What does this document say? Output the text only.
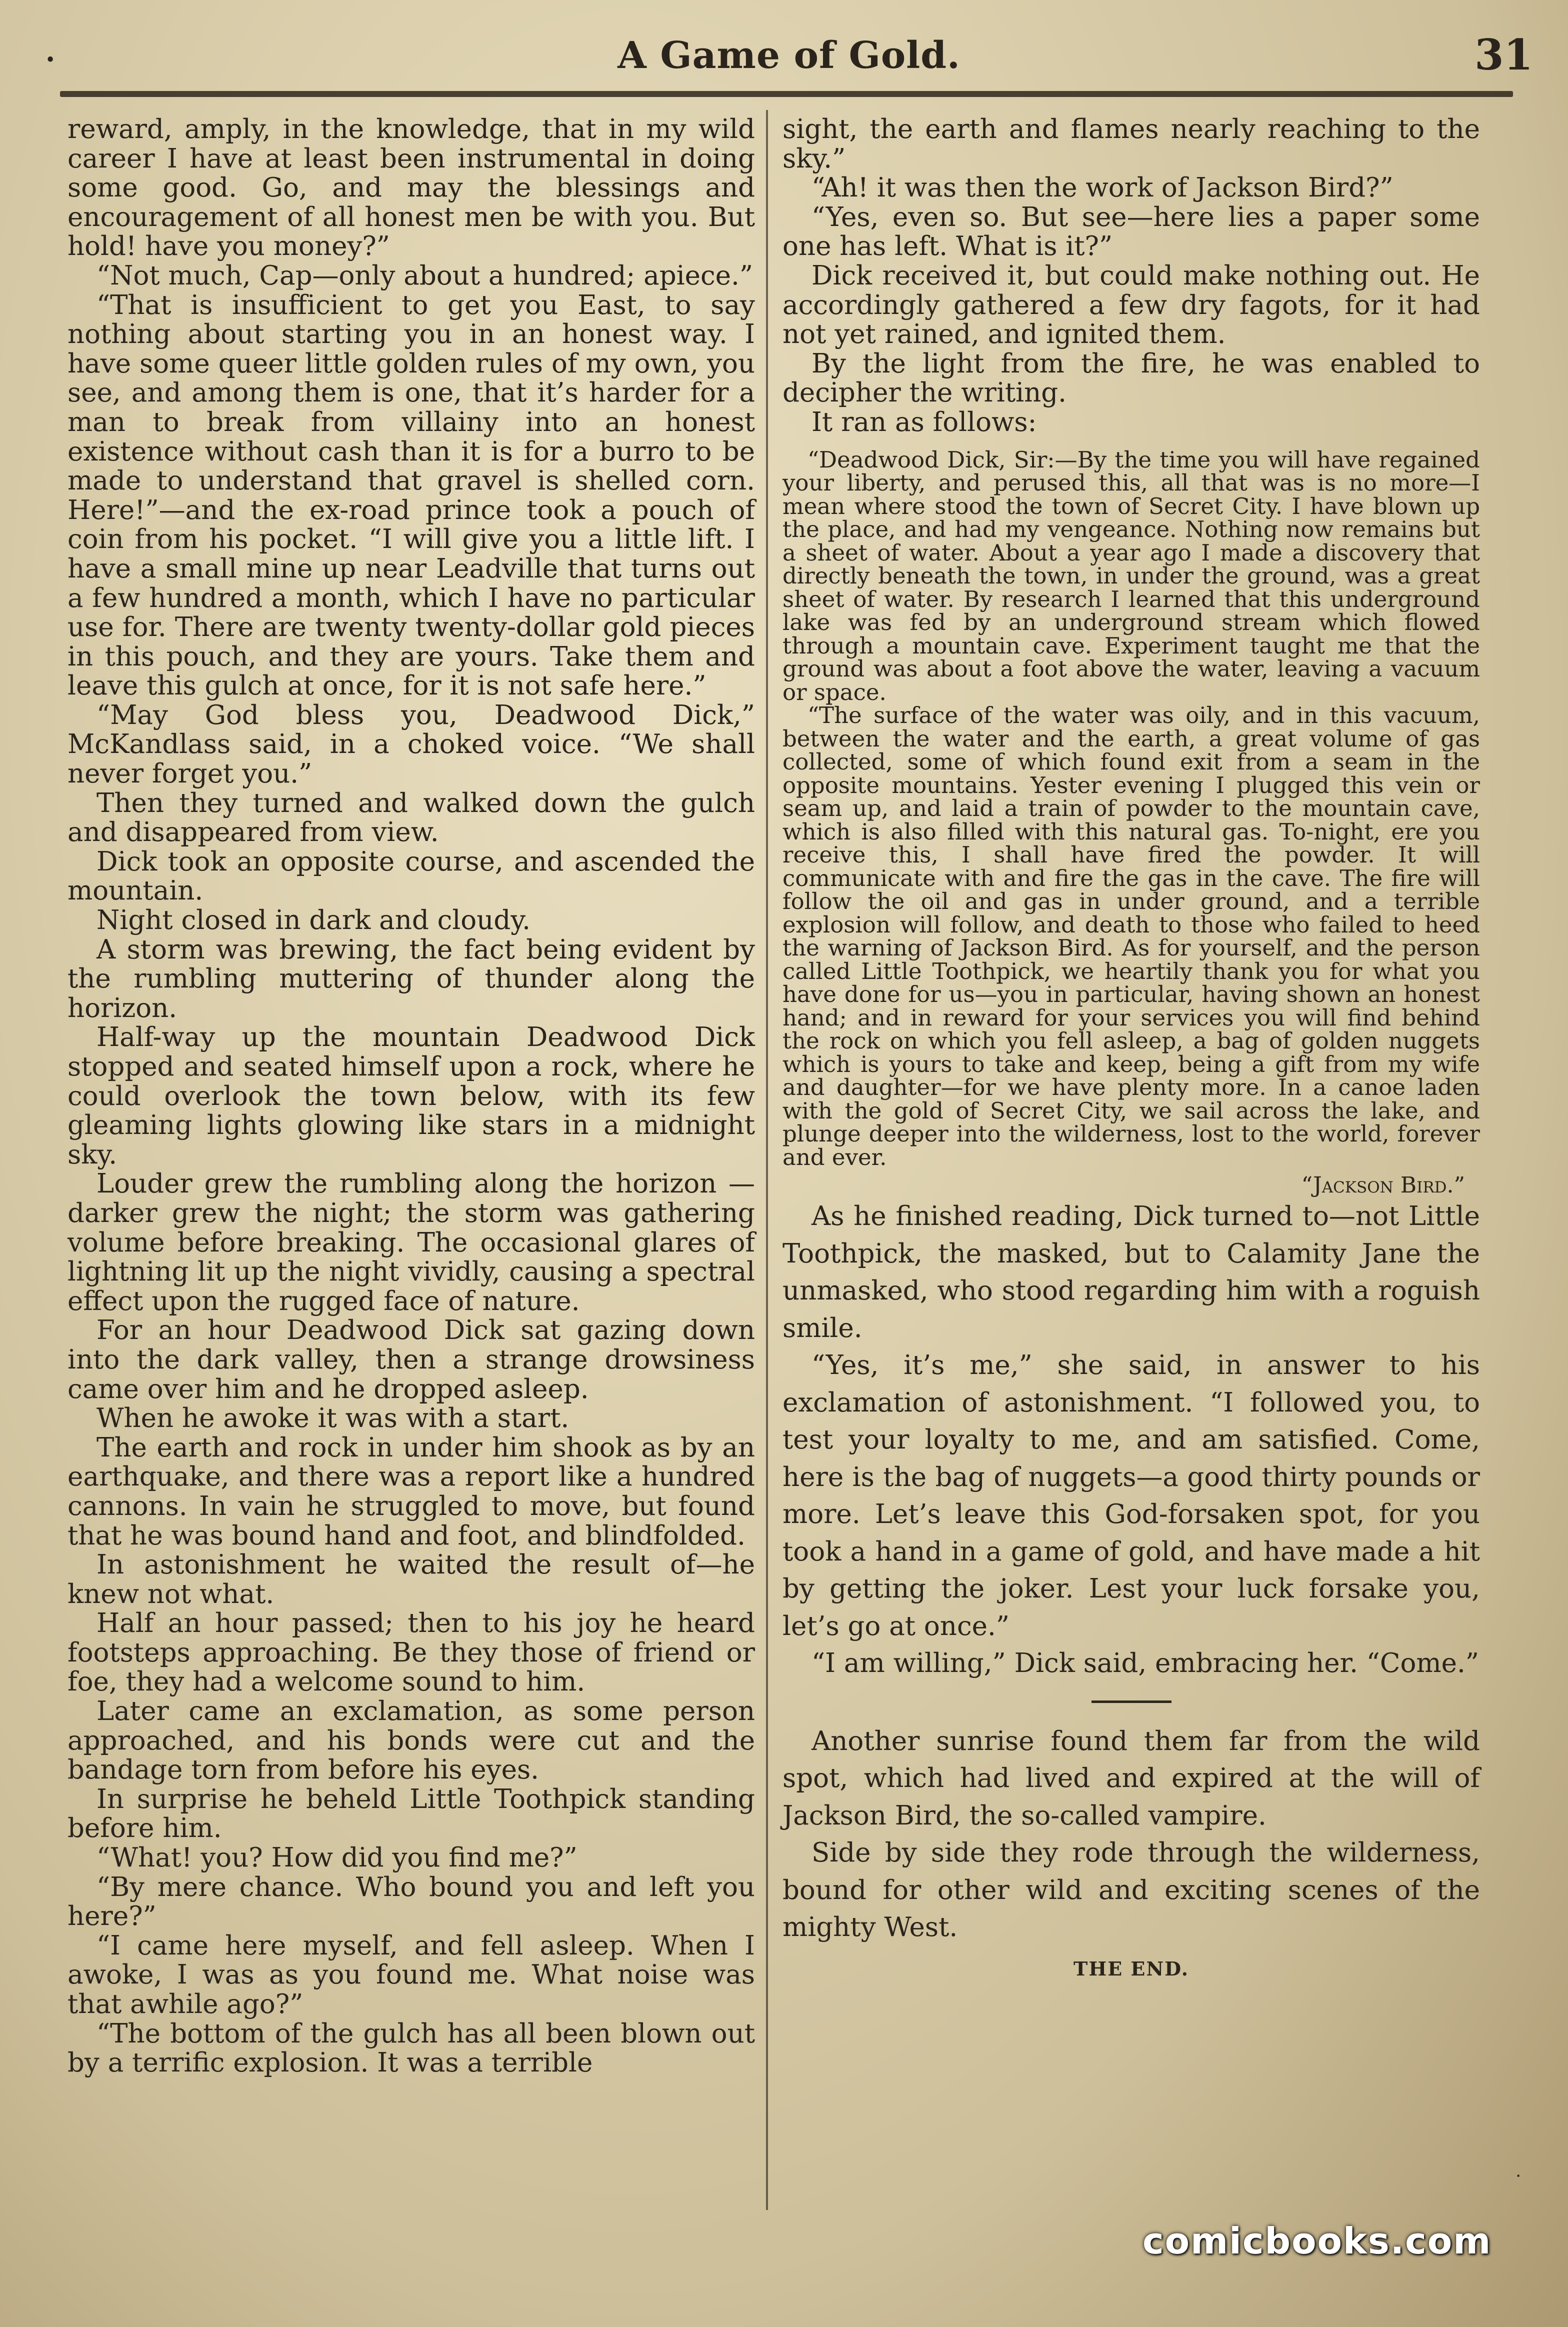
•	A Game of Gold.	31

reward, amply, in the knowledge, that in my wild career I have at least been instrumental in doing some good. Go, and may the blessings and encouragement of all honest men be with you. But hold! have you money?”

“Not much, Cap—only about a hundred; apiece.”

“That is insufficient to get you East, to say nothing about starting you in an honest way. I have some queer little golden rules of my own, you see, and among them is one, that it’s harder for a man to break from villainy into an honest existence without cash than it is for a burro to be made to understand that gravel is shelled corn. Here!”—and the ex-road prince took a pouch of coin from his pocket. “I will give you a little lift. I have a small mine up near Leadville that turns out a few hundred a month, which I have no particular use for. There are twenty twenty-dollar gold pieces in this pouch, and they are yours. Take them and leave this gulch at once, for it is not safe here.”

“May God bless you, Deadwood Dick,” McKandlass said, in a choked voice. “We shall never forget you.”

Then they turned and walked down the gulch and disappeared from view.

Dick took an opposite course, and ascended the mountain.

Night closed in dark and cloudy.

A storm was brewing, the fact being evident by the rumbling muttering of thunder along the horizon.

Half-way up the mountain Deadwood Dick stopped and seated himself upon a rock, where he could overlook the town below, with its few gleaming lights glowing like stars in a midnight sky.

Louder grew the rumbling along the horizon —darker grew the night; the storm was gathering volume before breaking. The occasional glares of lightning lit up the night vividly, causing a spectral effect upon the rugged face of nature.

For an hour Deadwood Dick sat gazing down into the dark valley, then a strange drowsiness came over him and he dropped asleep.

When he awoke it was with a start.

The earth and rock in under him shook as by an earthquake, and there was a report like a hundred cannons. In vain he struggled to move, but found that he was bound hand and foot, and blindfolded.

In astonishment he waited the result of—he knew not what.

Half an hour passed; then to his joy he heard footsteps approaching. Be they those of friend or foe, they had a welcome sound to him.

Later came an exclamation, as some person approached, and his bonds were cut and the bandage torn from before his eyes.

In surprise he beheld Little Toothpick standing before him.

“What! you? How did you find me?”

“By mere chance. Who bound you and left you here?”

“I came here myself, and fell asleep. When I awoke, I was as you found me. What noise was that awhile ago?”

“The bottom of the gulch has all been blown out by a terrific explosion. It was a terrible

sight, the earth and flames nearly reaching to the sky.”

“Ah! it was then the work of Jackson Bird?”

“Yes, even so. But see—here lies a paper some one has left. What is it?”

Dick received it, but could make nothing out. He accordingly gathered a few dry fagots, for it had not yet rained, and ignited them.

By the light from the fire, he was enabled to decipher the writing.

It ran as follows:

“Deadwood Dick, Sir:—By the time you will have regained your liberty, and perused this, all that was is no more—I mean where stood the town of Secret City. I have blown up the place, and had my vengeance. Nothing now remains but a sheet of water. About a year ago I made a discovery that directly beneath the town, in under the ground, was a great sheet of water. By research I learned that this underground lake was fed by an underground stream which flowed through a mountain cave. Experiment taught me that the ground was about a foot above the water, leaving a vacuum or space.

“The surface of the water was oily, and in this vacuum, between the water and the earth, a great volume of gas collected, some of which found exit from a seam in the opposite mountains. Yester evening I plugged this vein or seam up, and laid a train of powder to the mountain cave, which is also filled with this natural gas. To-night, ere you receive this, I shall have fired the powder. It will communicate with and fire the gas in the cave. The fire will follow the oil and gas in under ground, and a terrible explosion will follow, and death to those who failed to heed the warning of Jackson Bird. As for yourself, and the person called Little Toothpick, we heartily thank you for what you have done for us—you in particular, having shown an honest hand; and in reward for your services you will find behind the rock on which you fell asleep, a bag of golden nuggets which is yours to take and keep, being a gift from my wife and daughter—for we have plenty more. In a canoe laden with the gold of Secret City, we sail across the lake, and plunge deeper into the wilderness, lost to the world, forever and ever.

“Jackson Bird.”

As he finished reading, Dick turned to—not Little Toothpick, the masked, but to Calamity Jane the unmasked, who stood regarding him with a roguish smile.

“Yes, it’s me,” she said, in answer to his exclamation of astonishment. “I followed you, to test your loyalty to me, and am satisfied. Come, here is the bag of nuggets—a good thirty pounds or more. Let’s leave this God-forsaken spot, for you took a hand in a game of gold, and have made a hit by getting the joker. Lest your luck forsake you, let’s go at once.”

“I am willing,” Dick said, embracing her. “Come.”

Another sunrise found them far from the wild spot, which had lived and expired at the will of Jackson Bird, the so-called vampire.

Side by side they rode through the wilderness, bound for other wild and exciting scenes of the mighty West.

THE END.
ᐧ
comicbooks.com
